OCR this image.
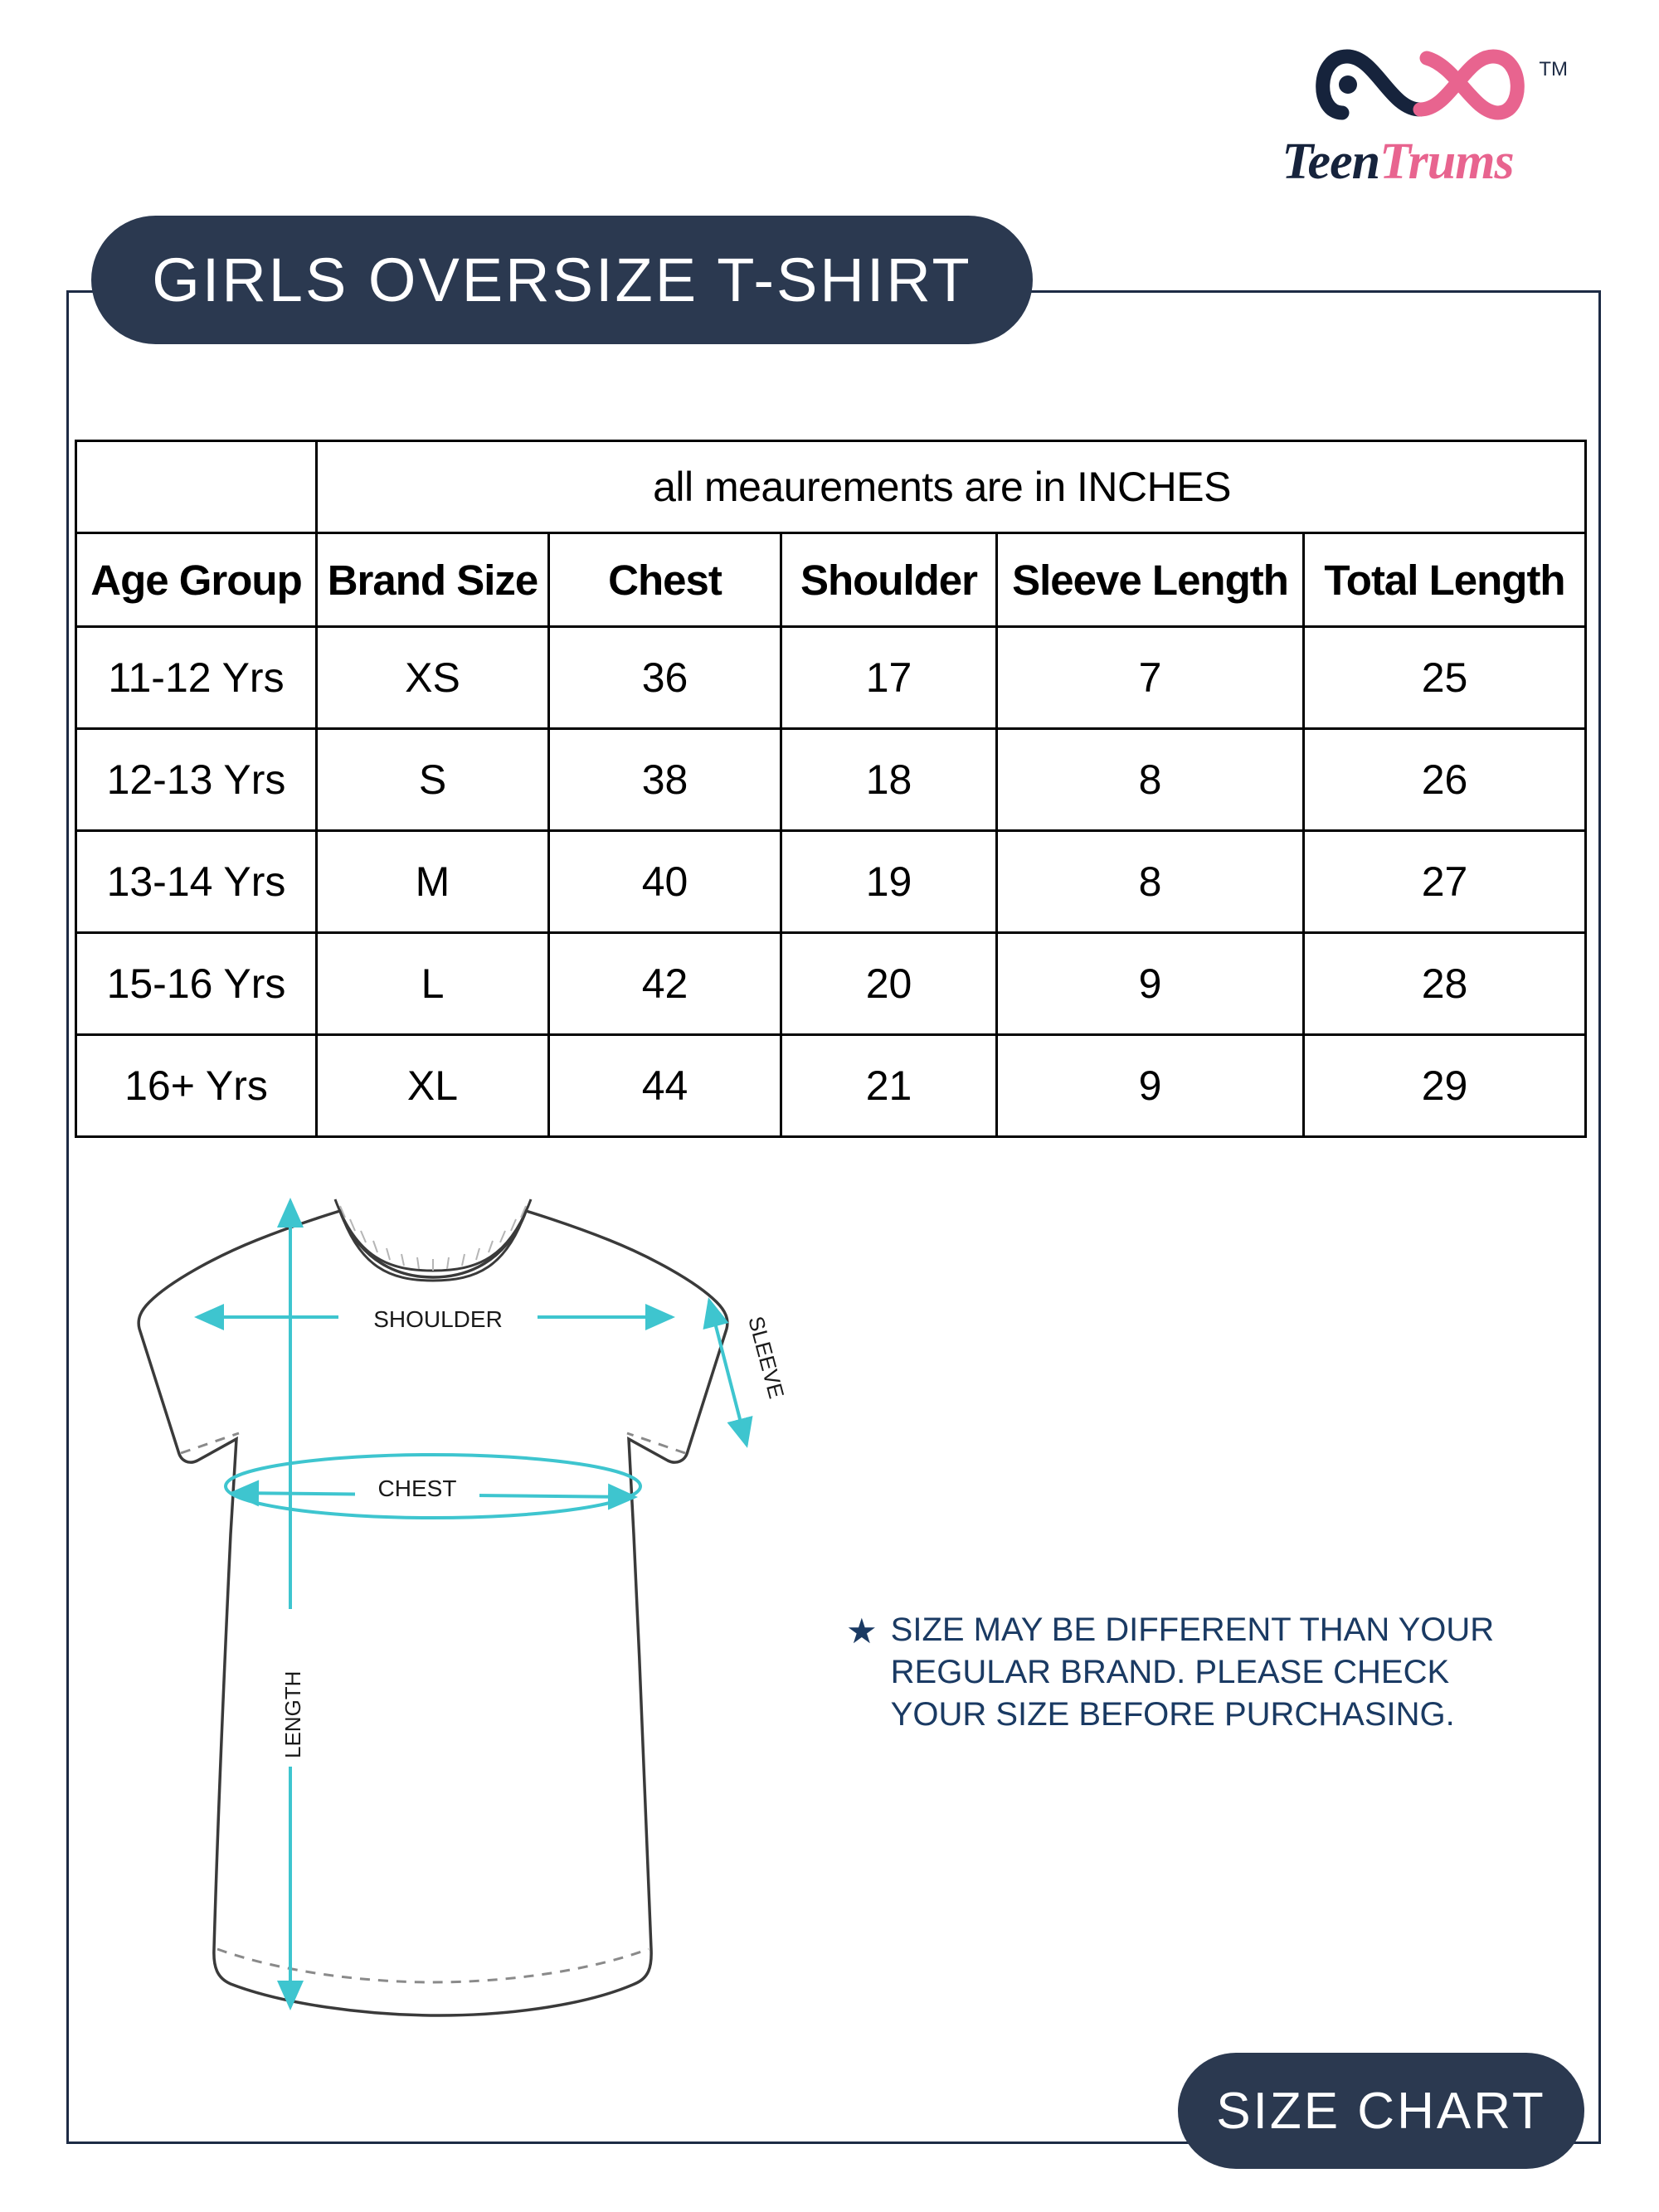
TM
TeenTrums
GIRLS OVERSIZE T-SHIRT
	all meaurements are in INCHES				
Age Group	Brand Size	Chest	Shoulder	Sleeve Length	Total Length
11-12 Yrs	XS	36	17	7	25
12-13 Yrs	S	38	18	8	26
13-14 Yrs	M	40	19	8	27
15-16 Yrs	L	42	20	9	28
16+ Yrs	XL	44	21	9	29
SHOULDER
CHEST
SLEEVE
LENGTH
★ SIZE MAY BE DIFFERENT THAN YOUR REGULAR BRAND. PLEASE CHECK YOUR SIZE BEFORE PURCHASING.
SIZE CHART
